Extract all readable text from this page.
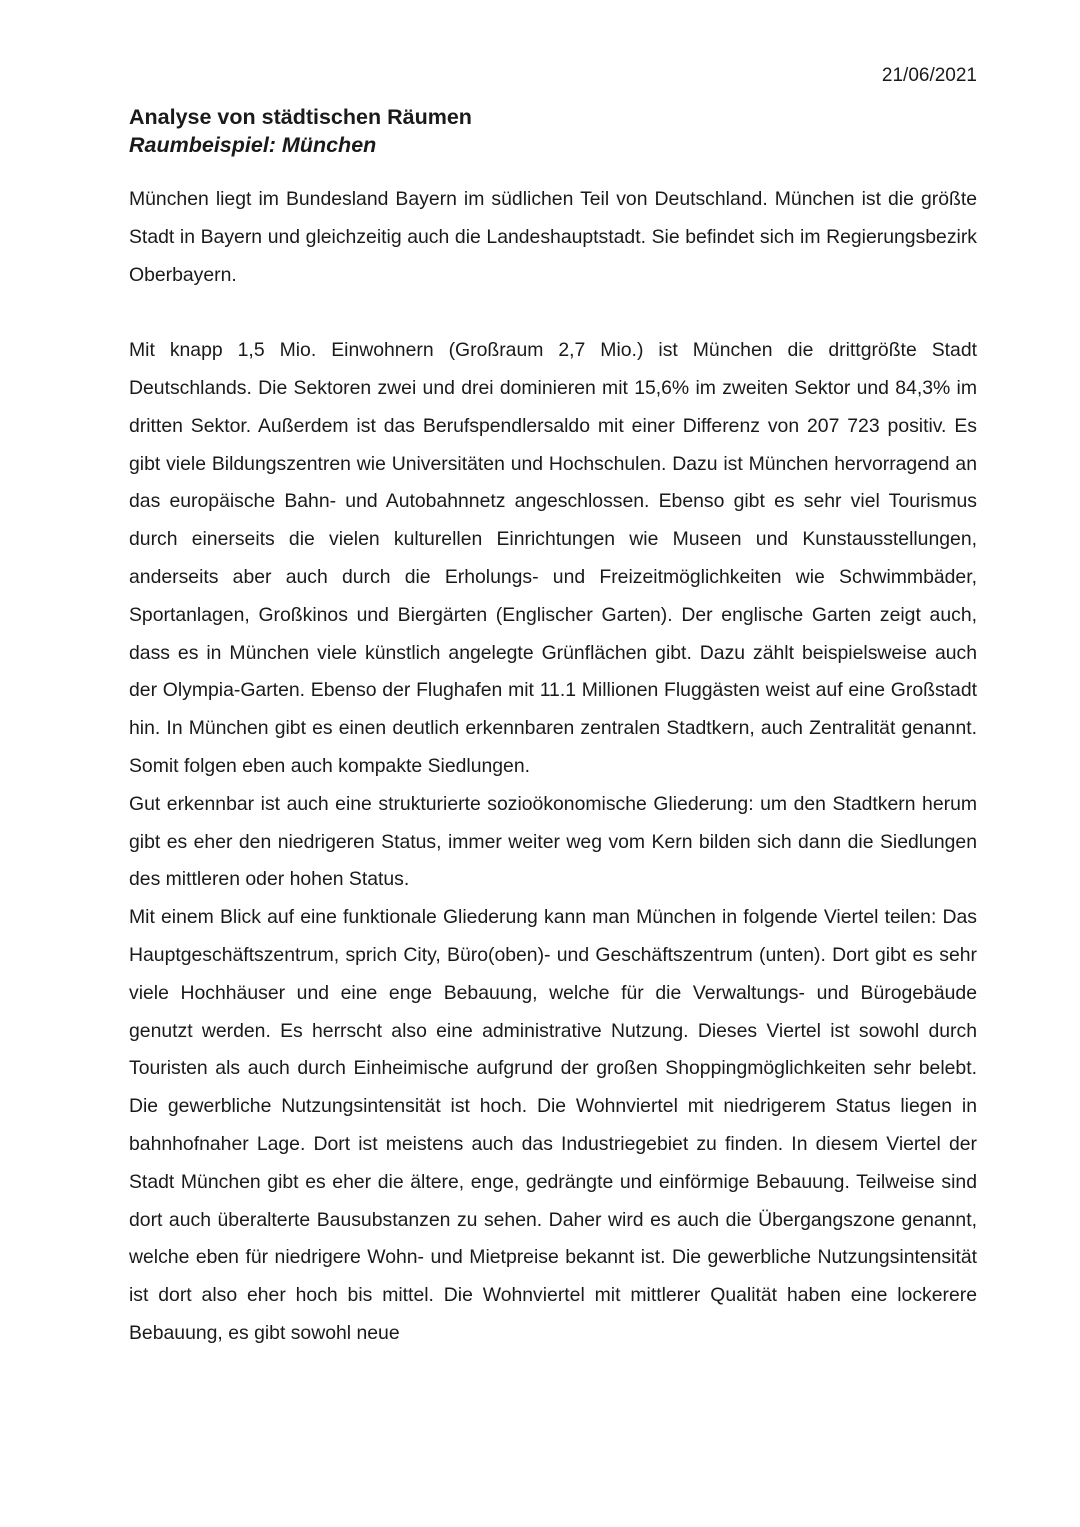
21/06/2021
Analyse von städtischen Räumen
Raumbeispiel: München

München liegt im Bundesland Bayern im südlichen Teil von Deutschland. München ist die größte Stadt in Bayern und gleichzeitig auch die Landeshauptstadt. Sie befindet sich im Regierungsbezirk Oberbayern.

Mit knapp 1,5 Mio. Einwohnern (Großraum 2,7 Mio.) ist München die drittgrößte Stadt Deutschlands. Die Sektoren zwei und drei dominieren mit 15,6% im zweiten Sektor und 84,3% im dritten Sektor. Außerdem ist das Berufspendlersaldo mit einer Differenz von 207 723 positiv. Es gibt viele Bildungszentren wie Universitäten und Hochschulen. Dazu ist München hervorragend an das europäische Bahn- und Autobahnnetz angeschlossen. Ebenso gibt es sehr viel Tourismus durch einerseits die vielen kulturellen Einrichtungen wie Museen und Kunstausstellungen, anderseits aber auch durch die Erholungs- und Freizeitmöglichkeiten wie Schwimmbäder, Sportanlagen, Großkinos und Biergärten (Englischer Garten). Der englische Garten zeigt auch, dass es in München viele künstlich angelegte Grünflächen gibt. Dazu zählt beispielsweise auch der Olympia-Garten. Ebenso der Flughafen mit 11.1 Millionen Fluggästen weist auf eine Großstadt hin. In München gibt es einen deutlich erkennbaren zentralen Stadtkern, auch Zentralität genannt. Somit folgen eben auch kompakte Siedlungen.

Gut erkennbar ist auch eine strukturierte sozioökonomische Gliederung: um den Stadtkern herum gibt es eher den niedrigeren Status, immer weiter weg vom Kern bilden sich dann die Siedlungen des mittleren oder hohen Status.

Mit einem Blick auf eine funktionale Gliederung kann man München in folgende Viertel teilen: Das Hauptgeschäftszentrum, sprich City, Büro(oben)- und Geschäftszentrum (unten). Dort gibt es sehr viele Hochhäuser und eine enge Bebauung, welche für die Verwaltungs- und Bürogebäude genutzt werden. Es herrscht also eine administrative Nutzung. Dieses Viertel ist sowohl durch Touristen als auch durch Einheimische aufgrund der großen Shoppingmöglichkeiten sehr belebt. Die gewerbliche Nutzungsintensität ist hoch. Die Wohnviertel mit niedrigerem Status liegen in bahnhofnaher Lage. Dort ist meistens auch das Industriegebiet zu finden. In diesem Viertel der Stadt München gibt es eher die ältere, enge, gedrängte und einförmige Bebauung. Teilweise sind dort auch überalterte Bausubstanzen zu sehen. Daher wird es auch die Übergangszone genannt, welche eben für niedrigere Wohn- und Mietpreise bekannt ist. Die gewerbliche Nutzungsintensität ist dort also eher hoch bis mittel. Die Wohnviertel mit mittlerer Qualität haben eine lockerere Bebauung, es gibt sowohl neue
